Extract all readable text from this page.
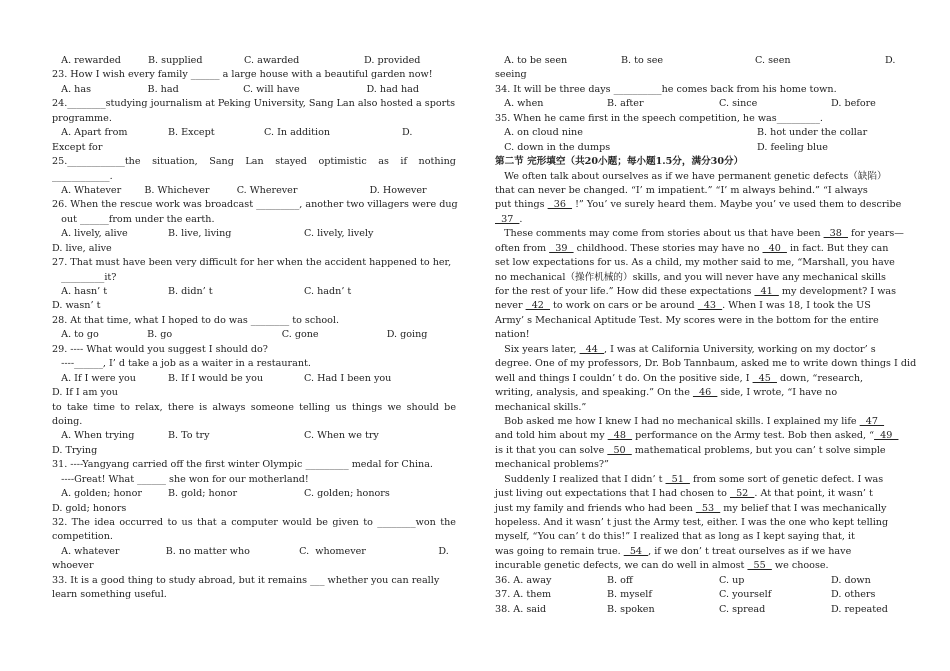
A. rewarded	B. supplied	C. awarded	D. provided
23. How I wish every family ______ a large house with a beautiful garden now!
A. has	B. had	C. will have	D. had had
24.________studying journalism at Peking University, Sang Lan also hosted a sports
programme.
A. Apart from	B. Except	C. In addition	D.
Except for
25.____________the situation, Sang Lan stayed optimistic as if nothing
____________.
A. Whatever	B. Whichever	C. Wherever	D. However
26. When the rescue work was broadcast _________, another two villagers were dug
out ______from under the earth.
A. lively, alive	B. live, living	C. lively, lively
D. live, alive
27. That must have been very difficult for her when the accident happened to her,
_________it?
A. hasn’ t	B. didn’ t	C. hadn’ t
D. wasn’ t
28. At that time, what I hoped to do was ________ to school.
A. to go	B. go	C. gone	D. going
29. ---- What would you suggest I should do?
----______, I’ d take a job as a waiter in a restaurant.
A. If I were you	B. If I would be you	C. Had I been you
D. If I am you
to take time to relax, there is always someone telling us things we should be
doing.
A. When trying	B. To try	C. When we try
D. Trying
31. ----Yangyang carried off the first winter Olympic _________ medal for China.
----Great! What ______ she won for our motherland!
A. golden; honor	B. gold; honor	C. golden; honors
D. gold; honors
32. The idea occurred to us that a computer would be given to ________won the
competition.
A. whatever	B. no matter who	C.  whomever	D.
whoever
33. It is a good thing to study abroad, but it remains ___ whether you can really
learn something useful.
A. to be seen	B. to see	C. seen	D.
seeing
34. It will be three days __________he comes back from his home town.
A. when	B. after	C. since	D. before
35. When he came first in the speech competition, he was_________.
A. on cloud nine	B. hot under the collar
C. down in the dumps	D. feeling blue
第二节 完形填空（共20小题；每小题1.5分，满分30分）
We often talk about ourselves as if we have permanent genetic defects（缺陷）
that can never be changed. “I’ m impatient.” “I’ m always behind.” “I always
put things   36   !” You’ ve surely heard them. Maybe you’ ve used them to describe
37  .
These comments may come from stories about us that have been   38   for years—
often from   39   childhood. These stories may have no   40   in fact. But they can
set low expectations for us. As a child, my mother said to me, “Marshall, you have
no mechanical（操作机械的）skills, and you will never have any mechanical skills
for the rest of your life.” How did these expectations   41   my development? I was
never   42   to work on cars or be around   43  . When I was 18, I took the US
Army’ s Mechanical Aptitude Test. My scores were in the bottom for the entire
nation!
Six years later,   44  , I was at California University, working on my doctor’ s
degree. One of my professors, Dr. Bob Tannbaum, asked me to write down things I did
well and things I couldn’ t do. On the positive side, I   45   down, “research,
writing, analysis, and speaking.” On the   46   side, I wrote, “I have no
mechanical skills.”
Bob asked me how I knew I had no mechanical skills. I explained my life   47
and told him about my   48   performance on the Army test. Bob then asked, “  49
is it that you can solve   50   mathematical problems, but you can’ t solve simple
mechanical problems?”
Suddenly I realized that I didn’ t   51   from some sort of genetic defect. I was
just living out expectations that I had chosen to   52  . At that point, it wasn’ t
just my family and friends who had been   53   my belief that I was mechanically
hopeless. And it wasn’ t just the Army test, either. I was the one who kept telling
myself, “You can’ t do this!” I realized that as long as I kept saying that, it
was going to remain true.   54  , if we don’ t treat ourselves as if we have
incurable genetic defects, we can do well in almost   55   we choose.
36. A. away	B. off	C. up	D. down
37. A. them	B. myself	C. yourself	D. others
38. A. said	B. spoken	C. spread	D. repeated
